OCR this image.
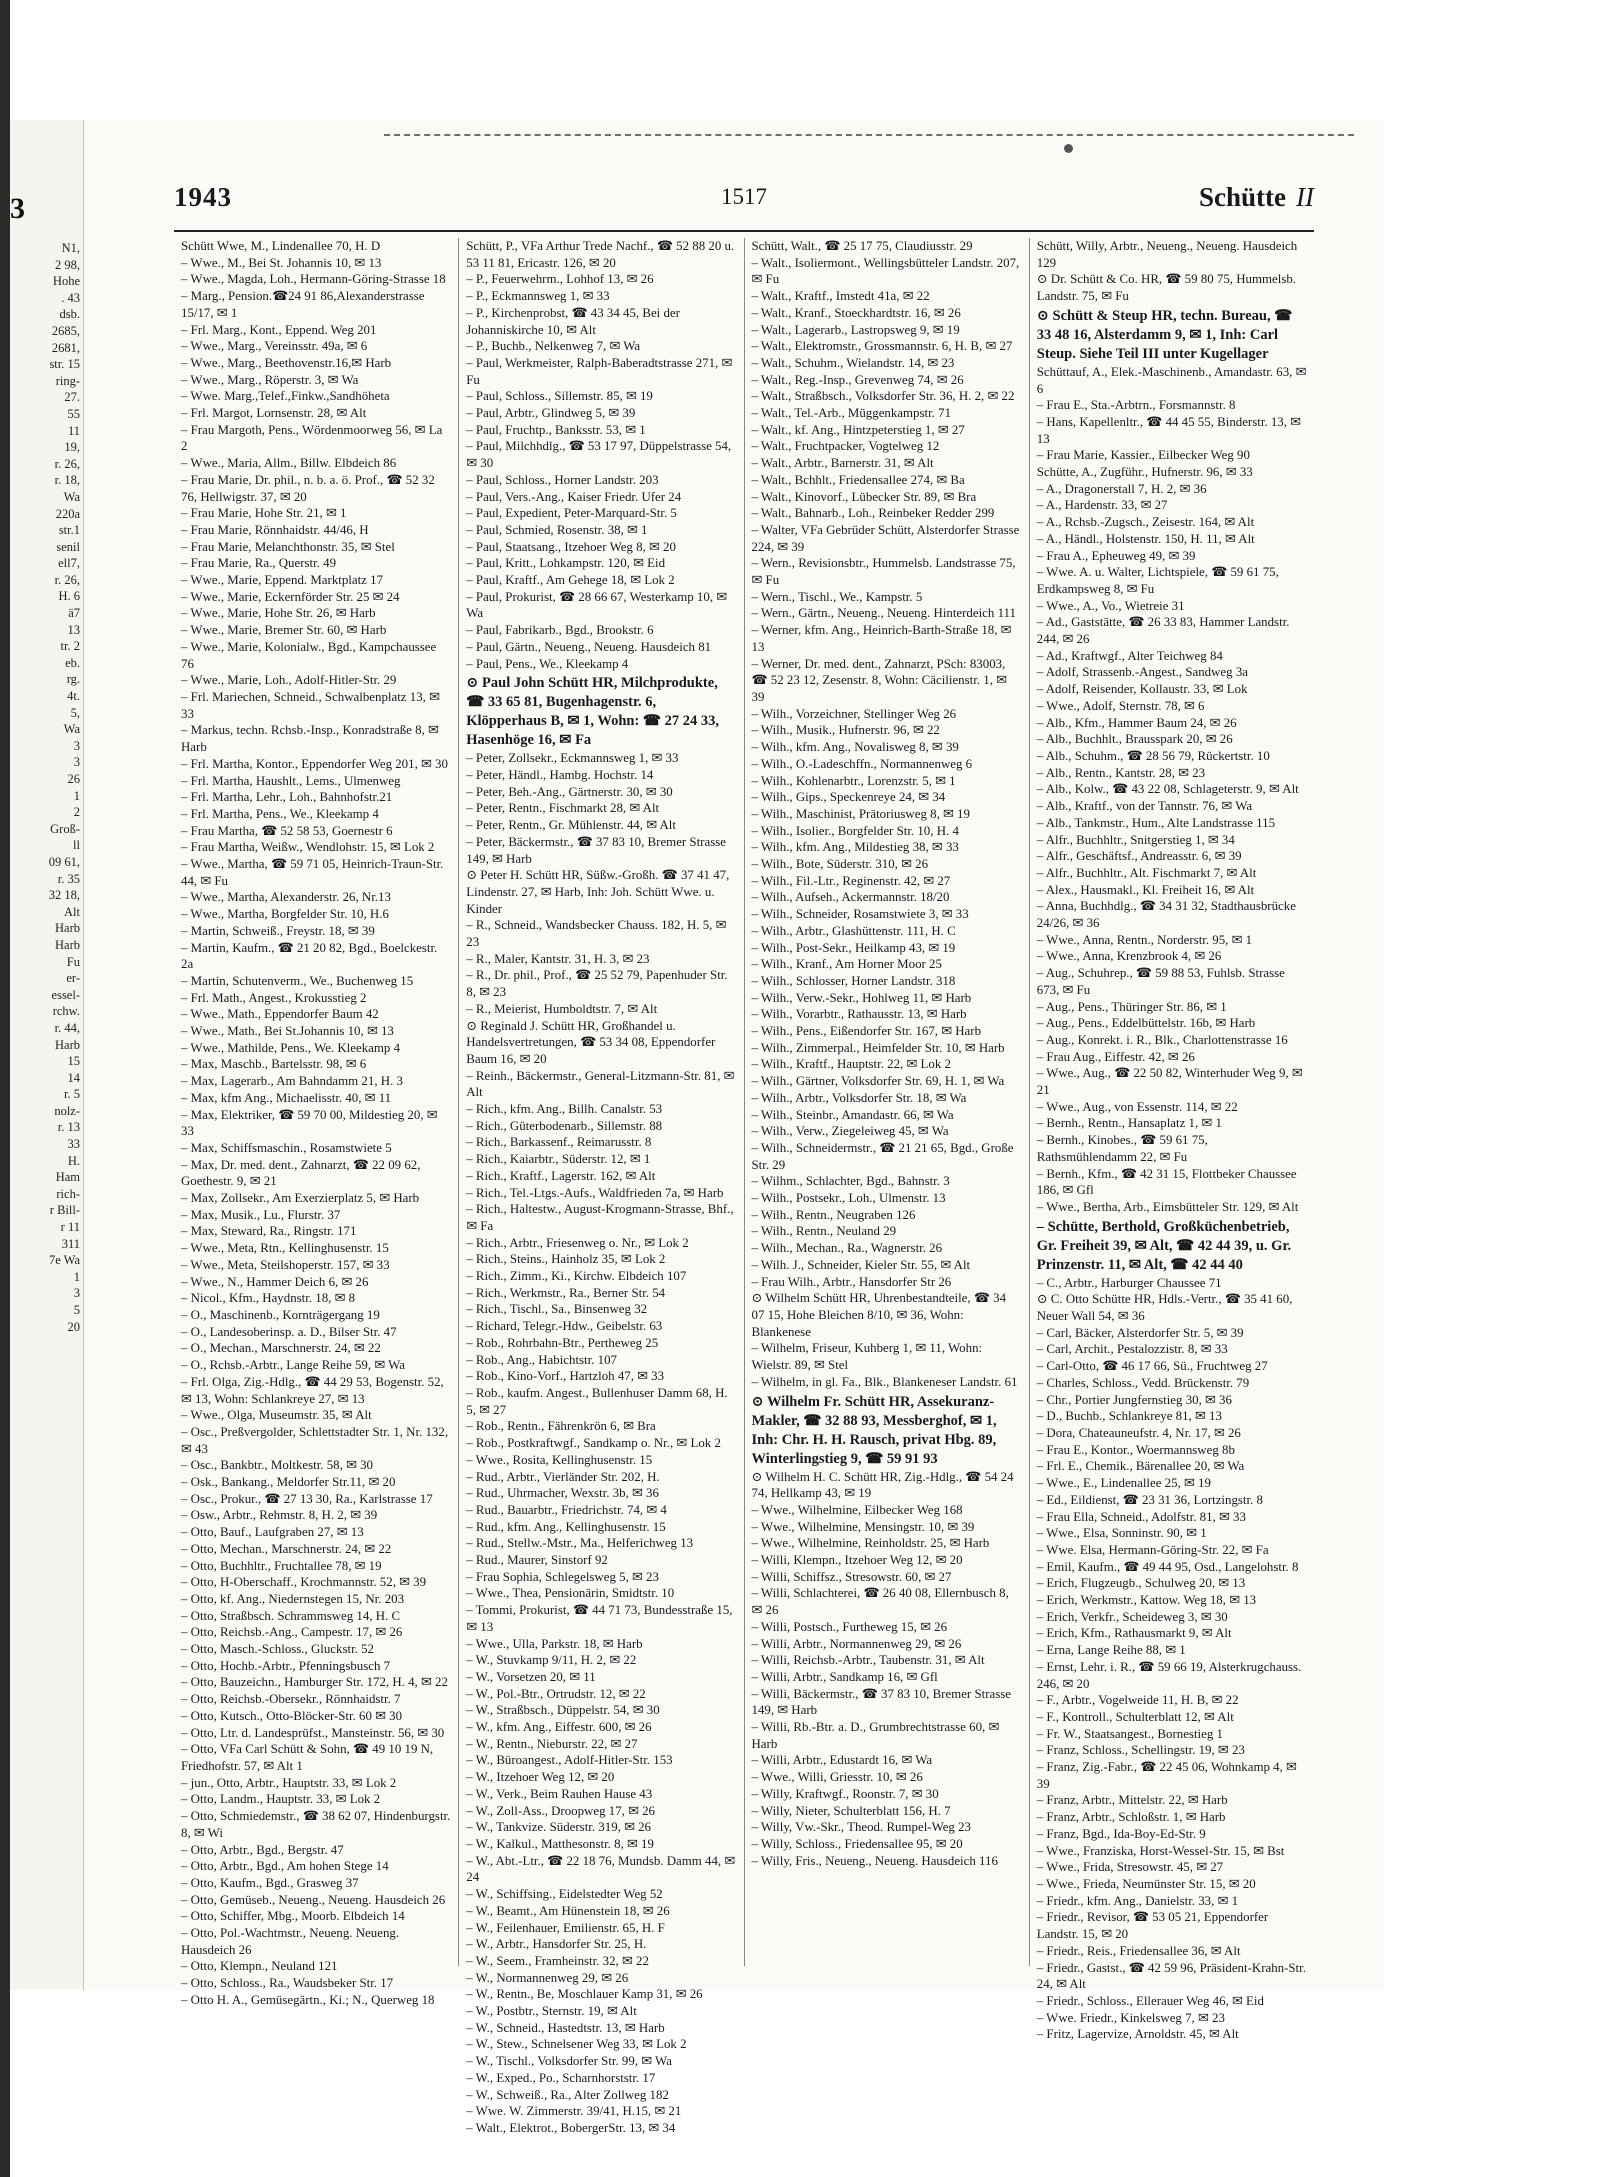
3
N1,
2 98,
Hohe
. 43
dsb.
2685,
2681,
str. 15
ring-
27.
55
11
19,
r. 26,
r. 18,
Wa
220a
str.1
senil
ell7,
r. 26,
H. 6
ä7
13
tr. 2
eb.
rg.
4t.
5,
Wa
3
3
26
1
2
Groß-
ll
09 61,
r. 35
32 18,
Alt
Harb
Harb
Fu
er-
essel-
rchw.
r. 44,
Harb
15
14
r. 5
nolz-
r. 13
33
H.
Ham
rich-
r Bill-
r 11
311
7e Wa
1
3
5
20
1943	1517	Schütte II

Schütt Wwe, M., Lindenallee 70, H. D

– Wwe., M., Bei St. Johannis 10, ✉ 13

– Wwe., Magda, Loh., Hermann-Göring-Strasse 18

– Marg., Pension.☎24 91 86,Alexanderstrasse 15/17, ✉ 1

– Frl. Marg., Kont., Eppend. Weg 201

– Wwe., Marg., Vereinsstr. 49a, ✉ 6

– Wwe., Marg., Beethovenstr.16,✉ Harb

– Wwe., Marg., Röperstr. 3, ✉ Wa

– Wwe. Marg.,Telef.,Finkw.,Sandhöheta

– Frl. Margot, Lornsenstr. 28, ✉ Alt

– Frau Margoth, Pens., Wördenmoorweg 56, ✉ La 2

– Wwe., Maria, Allm., Billw. Elbdeich 86

– Frau Marie, Dr. phil., n. b. a. ö. Prof., ☎ 52 32 76, Hellwigstr. 37, ✉ 20

– Frau Marie, Hohe Str. 21, ✉ 1

– Frau Marie, Rönnhaidstr. 44/46, H

– Frau Marie, Melanchthonstr. 35, ✉ Stel

– Frau Marie, Ra., Querstr. 49

– Wwe., Marie, Eppend. Marktplatz 17

– Wwe., Marie, Eckernförder Str. 25 ✉ 24

– Wwe., Marie, Hohe Str. 26, ✉ Harb

– Wwe., Marie, Bremer Str. 60, ✉ Harb

– Wwe., Marie, Kolonialw., Bgd., Kampchaussee 76

– Wwe., Marie, Loh., Adolf-Hitler-Str. 29

– Frl. Mariechen, Schneid., Schwalbenplatz 13, ✉ 33

– Markus, techn. Rchsb.-Insp., Konradstraße 8, ✉ Harb

– Frl. Martha, Kontor., Eppendorfer Weg 201, ✉ 30

– Frl. Martha, Haushlt., Lems., Ulmenweg

– Frl. Martha, Lehr., Loh., Bahnhofstr.21

– Frl. Martha, Pens., We., Kleekamp 4

– Frau Martha, ☎ 52 58 53, Goernestr 6

– Frau Martha, Weißw., Wendlohstr. 15, ✉ Lok 2

– Wwe., Martha, ☎ 59 71 05, Heinrich-Traun-Str. 44, ✉ Fu

– Wwe., Martha, Alexanderstr. 26, Nr.13

– Wwe., Martha, Borgfelder Str. 10, H.6

– Martin, Schweiß., Freystr. 18, ✉ 39

– Martin, Kaufm., ☎ 21 20 82, Bgd., Boelckestr. 2a

– Martin, Schutenverm., We., Buchenweg 15

– Frl. Math., Angest., Krokusstieg 2

– Wwe., Math., Eppendorfer Baum 42

– Wwe., Math., Bei St.Johannis 10, ✉ 13

– Wwe., Mathilde, Pens., We. Kleekamp 4

– Max, Maschb., Bartelsstr. 98, ✉ 6

– Max, Lagerarb., Am Bahndamm 21, H. 3

– Max, kfm Ang., Michaelisstr. 40, ✉ 11

– Max, Elektriker, ☎ 59 70 00, Mildestieg 20, ✉ 33

– Max, Schiffsmaschin., Rosamstwiete 5

– Max, Dr. med. dent., Zahnarzt, ☎ 22 09 62, Goethestr. 9, ✉ 21

– Max, Zollsekr., Am Exerzierplatz 5, ✉ Harb

– Max, Musik., Lu., Flurstr. 37

– Max, Steward, Ra., Ringstr. 171

– Wwe., Meta, Rtn., Kellinghusenstr. 15

– Wwe., Meta, Steilshoperstr. 157, ✉ 33

– Wwe., N., Hammer Deich 6, ✉ 26

– Nicol., Kfm., Haydnstr. 18, ✉ 8

– O., Maschinenb., Kornträgergang 19

– O., Landesoberinsp. a. D., Bilser Str. 47

– O., Mechan., Marschnerstr. 24, ✉ 22

– O., Rchsb.-Arbtr., Lange Reihe 59, ✉ Wa

– Frl. Olga, Zig.-Hdlg., ☎ 44 29 53, Bogenstr. 52, ✉ 13, Wohn: Schlankreye 27, ✉ 13

– Wwe., Olga, Museumstr. 35, ✉ Alt

– Osc., Preßvergolder, Schlettstadter Str. 1, Nr. 132, ✉ 43

– Osc., Bankbtr., Moltkestr. 58, ✉ 30

– Osk., Bankang., Meldorfer Str.11, ✉ 20

– Osc., Prokur., ☎ 27 13 30, Ra., Karlstrasse 17

– Osw., Arbtr., Rehmstr. 8, H. 2, ✉ 39

– Otto, Bauf., Laufgraben 27, ✉ 13

– Otto, Mechan., Marschnerstr. 24, ✉ 22

– Otto, Buchhltr., Fruchtallee 78, ✉ 19

– Otto, H-Oberschaff., Krochmannstr. 52, ✉ 39

– Otto, kf. Ang., Niedernstegen 15, Nr. 203

– Otto, Straßbsch. Schrammsweg 14, H. C

– Otto, Reichsb.-Ang., Campestr. 17, ✉ 26

– Otto, Masch.-Schloss., Gluckstr. 52

– Otto, Hochb.-Arbtr., Pfenningsbusch 7

– Otto, Bauzeichn., Hamburger Str. 172, H. 4, ✉ 22

– Otto, Reichsb.-Obersekr., Rönnhaidstr. 7

– Otto, Kutsch., Otto-Blöcker-Str. 60 ✉ 30

– Otto, Ltr. d. Landesprüfst., Mansteinstr. 56, ✉ 30

– Otto, VFa Carl Schütt & Sohn, ☎ 49 10 19 N, Friedhofstr. 57, ✉ Alt 1

– jun., Otto, Arbtr., Hauptstr. 33, ✉ Lok 2

– Otto, Landm., Hauptstr. 33, ✉ Lok 2

– Otto, Schmiedemstr., ☎ 38 62 07, Hindenburgstr. 8, ✉ Wi

– Otto, Arbtr., Bgd., Bergstr. 47

– Otto, Arbtr., Bgd., Am hohen Stege 14

– Otto, Kaufm., Bgd., Grasweg 37

– Otto, Gemüseb., Neueng., Neueng. Hausdeich 26

– Otto, Schiffer, Mbg., Moorb. Elbdeich 14

– Otto, Pol.-Wachtmstr., Neueng. Neueng. Hausdeich 26

– Otto, Klempn., Neuland 121

– Otto, Schloss., Ra., Waudsbeker Str. 17

– Otto H. A., Gemüsegärtn., Ki.; N., Querweg 18

Schütt, P., VFa Arthur Trede Nachf., ☎ 52 88 20 u. 53 11 81, Ericastr. 126, ✉ 20

– P., Feuerwehrm., Lohhof 13, ✉ 26

– P., Eckmannsweg 1, ✉ 33

– P., Kirchenprobst, ☎ 43 34 45, Bei der Johanniskirche 10, ✉ Alt

– P., Buchb., Nelkenweg 7, ✉ Wa

– Paul, Werkmeister, Ralph-Baberadtstrasse 271, ✉ Fu

– Paul, Schloss., Sillemstr. 85, ✉ 19

– Paul, Arbtr., Glindweg 5, ✉ 39

– Paul, Fruchtp., Banksstr. 53, ✉ 1

– Paul, Milchhdlg., ☎ 53 17 97, Düppelstrasse 54, ✉ 30

– Paul, Schloss., Horner Landstr. 203

– Paul, Vers.-Ang., Kaiser Friedr. Ufer 24

– Paul, Expedient, Peter-Marquard-Str. 5

– Paul, Schmied, Rosenstr. 38, ✉ 1

– Paul, Staatsang., Itzehoer Weg 8, ✉ 20

– Paul, Kritt., Lohkampstr. 120, ✉ Eid

– Paul, Kraftf., Am Gehege 18, ✉ Lok 2

– Paul, Prokurist, ☎ 28 66 67, Westerkamp 10, ✉ Wa

– Paul, Fabrikarb., Bgd., Brookstr. 6

– Paul, Gärtn., Neueng., Neueng. Hausdeich 81

– Paul, Pens., We., Kleekamp 4

⊙ Paul John Schütt HR, Milchprodukte, ☎ 33 65 81, Bugenhagenstr. 6, Klöpperhaus B, ✉ 1, Wohn: ☎ 27 24 33, Hasenhöge 16, ✉ Fa

– Peter, Zollsekr., Eckmannsweg 1, ✉ 33

– Peter, Händl., Hambg. Hochstr. 14

– Peter, Beh.-Ang., Gärtnerstr. 30, ✉ 30

– Peter, Rentn., Fischmarkt 28, ✉ Alt

– Peter, Rentn., Gr. Mühlenstr. 44, ✉ Alt

– Peter, Bäckermstr., ☎ 37 83 10, Bremer Strasse 149, ✉ Harb

⊙ Peter H. Schütt HR, Süßw.-Großh. ☎ 37 41 47, Lindenstr. 27, ✉ Harb, Inh: Joh. Schütt Wwe. u. Kinder

– R., Schneid., Wandsbecker Chauss. 182, H. 5, ✉ 23

– R., Maler, Kantstr. 31, H. 3, ✉ 23

– R., Dr. phil., Prof., ☎ 25 52 79, Papenhuder Str. 8, ✉ 23

– R., Meierist, Humboldtstr. 7, ✉ Alt

⊙ Reginald J. Schütt HR, Großhandel u. Handelsvertretungen, ☎ 53 34 08, Eppendorfer Baum 16, ✉ 20

– Reinh., Bäckermstr., General-Litzmann-Str. 81, ✉ Alt

– Rich., kfm. Ang., Billh. Canalstr. 53

– Rich., Güterbodenarb., Sillemstr. 88

– Rich., Barkassenf., Reimarusstr. 8

– Rich., Kaiarbtr., Süderstr. 12, ✉ 1

– Rich., Kraftf., Lagerstr. 162, ✉ Alt

– Rich., Tel.-Ltgs.-Aufs., Waldfrieden 7a, ✉ Harb

– Rich., Haltestw., August-Krogmann-Strasse, Bhf., ✉ Fa

– Rich., Arbtr., Friesenweg o. Nr., ✉ Lok 2

– Rich., Steins., Hainholz 35, ✉ Lok 2

– Rich., Zimm., Ki., Kirchw. Elbdeich 107

– Rich., Werkmstr., Ra., Berner Str. 54

– Rich., Tischl., Sa., Binsenweg 32

– Richard, Telegr.-Hdw., Geibelstr. 63

– Rob., Rohrbahn-Btr., Pertheweg 25

– Rob., Ang., Habichtstr. 107

– Rob., Kino-Vorf., Hartzloh 47, ✉ 33

– Rob., kaufm. Angest., Bullenhuser Damm 68, H. 5, ✉ 27

– Rob., Rentn., Fährenkrön 6, ✉ Bra

– Rob., Postkraftwgf., Sandkamp o. Nr., ✉ Lok 2

– Wwe., Rosita, Kellinghusenstr. 15

– Rud., Arbtr., Vierländer Str. 202, H.

– Rud., Uhrmacher, Wexstr. 3b, ✉ 36

– Rud., Bauarbtr., Friedrichstr. 74, ✉ 4

– Rud., kfm. Ang., Kellinghusenstr. 15

– Rud., Stellw.-Mstr., Ma., Helferichweg 13

– Rud., Maurer, Sinstorf 92

– Frau Sophia, Schlegelsweg 5, ✉ 23

– Wwe., Thea, Pensionärin, Smidtstr. 10

– Tommi, Prokurist, ☎ 44 71 73, Bundesstraße 15, ✉ 13

– Wwe., Ulla, Parkstr. 18, ✉ Harb

– W., Stuvkamp 9/11, H. 2, ✉ 22

– W., Vorsetzen 20, ✉ 11

– W., Pol.-Btr., Ortrudstr. 12, ✉ 22

– W., Straßbsch., Düppelstr. 54, ✉ 30

– W., kfm. Ang., Eiffestr. 600, ✉ 26

– W., Rentn., Nieburstr. 22, ✉ 27

– W., Büroangest., Adolf-Hitler-Str. 153

– W., Itzehoer Weg 12, ✉ 20

– W., Verk., Beim Rauhen Hause 43

– W., Zoll-Ass., Droopweg 17, ✉ 26

– W., Tankvize. Süderstr. 319, ✉ 26

– W., Kalkul., Matthesonstr. 8, ✉ 19

– W., Abt.-Ltr., ☎ 22 18 76, Mundsb. Damm 44, ✉ 24

– W., Schiffsing., Eidelstedter Weg 52

– W., Beamt., Am Hünenstein 18, ✉ 26

– W., Feilenhauer, Emilienstr. 65, H. F

– W., Arbtr., Hansdorfer Str. 25, H.

– W., Seem., Framheinstr. 32, ✉ 22

– W., Normannenweg 29, ✉ 26

– W., Rentn., Be, Moschlauer Kamp 31, ✉ 26

– W., Postbtr., Sternstr. 19, ✉ Alt

– W., Schneid., Hastedtstr. 13, ✉ Harb

– W., Stew., Schnelsener Weg 33, ✉ Lok 2

– W., Tischl., Volksdorfer Str. 99, ✉ Wa

– W., Exped., Po., Scharnhorststr. 17

– W., Schweiß., Ra., Alter Zollweg 182

– Wwe. W. Zimmerstr. 39/41, H.15, ✉ 21

– Walt., Elektrot., BobergerStr. 13, ✉ 34

Schütt, Walt., ☎ 25 17 75, Claudiusstr. 29

– Walt., Isoliermont., Wellingsbütteler Landstr. 207, ✉ Fu

– Walt., Kraftf., Imstedt 41a, ✉ 22

– Walt., Kranf., Stoeckhardtstr. 16, ✉ 26

– Walt., Lagerarb., Lastropsweg 9, ✉ 19

– Walt., Elektromstr., Grossmannstr. 6, H. B, ✉ 27

– Walt., Schuhm., Wielandstr. 14, ✉ 23

– Walt., Reg.-Insp., Grevenweg 74, ✉ 26

– Walt., Straßbsch., Volksdorfer Str. 36, H. 2, ✉ 22

– Walt., Tel.-Arb., Müggenkampstr. 71

– Walt., kf. Ang., Hintzpeterstieg 1, ✉ 27

– Walt., Fruchtpacker, Vogtelweg 12

– Walt., Arbtr., Barnerstr. 31, ✉ Alt

– Walt., Bchhlt., Friedensallee 274, ✉ Ba

– Walt., Kinovorf., Lübecker Str. 89, ✉ Bra

– Walt., Bahnarb., Loh., Reinbeker Redder 299

– Walter, VFa Gebrüder Schütt, Alsterdorfer Strasse 224, ✉ 39

– Wern., Revisionsbtr., Hummelsb. Landstrasse 75, ✉ Fu

– Wern., Tischl., We., Kampstr. 5

– Wern., Gärtn., Neueng., Neueng. Hinterdeich 111

– Werner, kfm. Ang., Heinrich-Barth-Straße 18, ✉ 13

– Werner, Dr. med. dent., Zahnarzt, PSch: 83003, ☎ 52 23 12, Zesenstr. 8, Wohn: Cäcilienstr. 1, ✉ 39

– Wilh., Vorzeichner, Stellinger Weg 26

– Wilh., Musik., Hufnerstr. 96, ✉ 22

– Wilh., kfm. Ang., Novalisweg 8, ✉ 39

– Wilh., O.-Ladeschffn., Normannenweg 6

– Wilh., Kohlenarbtr., Lorenzstr. 5, ✉ 1

– Wilh., Gips., Speckenreye 24, ✉ 34

– Wilh., Maschinist, Prätoriusweg 8, ✉ 19

– Wilh., Isolier., Borgfelder Str. 10, H. 4

– Wilh., kfm. Ang., Mildestieg 38, ✉ 33

– Wilh., Bote, Süderstr. 310, ✉ 26

– Wilh., Fil.-Ltr., Reginenstr. 42, ✉ 27

– Wilh., Aufseh., Ackermannstr. 18/20

– Wilh., Schneider, Rosamstwiete 3, ✉ 33

– Wilh., Arbtr., Glashüttenstr. 111, H. C

– Wilh., Post-Sekr., Heilkamp 43, ✉ 19

– Wilh., Kranf., Am Horner Moor 25

– Wilh., Schlosser, Horner Landstr. 318

– Wilh., Verw.-Sekr., Hohlweg 11, ✉ Harb

– Wilh., Vorarbtr., Rathausstr. 13, ✉ Harb

– Wilh., Pens., Eißendorfer Str. 167, ✉ Harb

– Wilh., Zimmerpal., Heimfelder Str. 10, ✉ Harb

– Wilh., Kraftf., Hauptstr. 22, ✉ Lok 2

– Wilh., Gärtner, Volksdorfer Str. 69, H. 1, ✉ Wa

– Wilh., Arbtr., Volksdorfer Str. 18, ✉ Wa

– Wilh., Steinbr., Amandastr. 66, ✉ Wa

– Wilh., Verw., Ziegeleiweg 45, ✉ Wa

– Wilh., Schneidermstr., ☎ 21 21 65, Bgd., Große Str. 29

– Wilhm., Schlachter, Bgd., Bahnstr. 3

– Wilh., Postsekr., Loh., Ulmenstr. 13

– Wilh., Rentn., Neugraben 126

– Wilh., Rentn., Neuland 29

– Wilh., Mechan., Ra., Wagnerstr. 26

– Wilh. J., Schneider, Kieler Str. 55, ✉ Alt

– Frau Wilh., Arbtr., Hansdorfer Str 26

⊙ Wilhelm Schütt HR, Uhrenbestandteile, ☎ 34 07 15, Hohe Bleichen 8/10, ✉ 36, Wohn: Blankenese

– Wilhelm, Friseur, Kuhberg 1, ✉ 11, Wohn: Wielstr. 89, ✉ Stel

– Wilhelm, in gl. Fa., Blk., Blankeneser Landstr. 61

⊙ Wilhelm Fr. Schütt HR, Assekuranz-Makler, ☎ 32 88 93, Messberghof, ✉ 1, Inh: Chr. H. H. Rausch, privat Hbg. 89, Winterlingstieg 9, ☎ 59 91 93

⊙ Wilhelm H. C. Schütt HR, Zig.-Hdlg., ☎ 54 24 74, Hellkamp 43, ✉ 19

– Wwe., Wilhelmine, Eilbecker Weg 168

– Wwe., Wilhelmine, Mensingstr. 10, ✉ 39

– Wwe., Wilhelmine, Reinholdstr. 25, ✉ Harb

– Willi, Klempn., Itzehoer Weg 12, ✉ 20

– Willi, Schiffsz., Stresowstr. 60, ✉ 27

– Willi, Schlachterei, ☎ 26 40 08, Ellernbusch 8, ✉ 26

– Willi, Postsch., Furtheweg 15, ✉ 26

– Willi, Arbtr., Normannenweg 29, ✉ 26

– Willi, Reichsb.-Arbtr., Taubenstr. 31, ✉ Alt

– Willi, Arbtr., Sandkamp 16, ✉ Gfl

– Willi, Bäckermstr., ☎ 37 83 10, Bremer Strasse 149, ✉ Harb

– Willi, Rb.-Btr. a. D., Grumbrechtstrasse 60, ✉ Harb

– Willi, Arbtr., Edustardt 16, ✉ Wa

– Wwe., Willi, Griesstr. 10, ✉ 26

– Willy, Kraftwgf., Roonstr. 7, ✉ 30

– Willy, Nieter, Schulterblatt 156, H. 7

– Willy, Vw.-Skr., Theod. Rumpel-Weg 23

– Willy, Schloss., Friedensallee 95, ✉ 20

– Willy, Fris., Neueng., Neueng. Hausdeich 116

Schütt, Willy, Arbtr., Neueng., Neueng. Hausdeich 129

⊙ Dr. Schütt & Co. HR, ☎ 59 80 75, Hummelsb. Landstr. 75, ✉ Fu

⊙ Schütt & Steup HR, techn. Bureau, ☎ 33 48 16, Alsterdamm 9, ✉ 1, Inh: Carl Steup. Siehe Teil III unter Kugellager

Schüttauf, A., Elek.-Maschinenb., Amandastr. 63, ✉ 6

– Frau E., Sta.-Arbtrn., Forsmannstr. 8

– Hans, Kapellenltr., ☎ 44 45 55, Binderstr. 13, ✉ 13

– Frau Marie, Kassier., Eilbecker Weg 90

Schütte, A., Zugführ., Hufnerstr. 96, ✉ 33

– A., Dragonerstall 7, H. 2, ✉ 36

– A., Hardenstr. 33, ✉ 27

– A., Rchsb.-Zugsch., Zeisestr. 164, ✉ Alt

– A., Händl., Holstenstr. 150, H. 11, ✉ Alt

– Frau A., Epheuweg 49, ✉ 39

– Wwe. A. u. Walter, Lichtspiele, ☎ 59 61 75, Erdkampsweg 8, ✉ Fu

– Wwe., A., Vo., Wietreie 31

– Ad., Gaststätte, ☎ 26 33 83, Hammer Landstr. 244, ✉ 26

– Ad., Kraftwgf., Alter Teichweg 84

– Adolf, Strassenb.-Angest., Sandweg 3a

– Adolf, Reisender, Kollaustr. 33, ✉ Lok

– Wwe., Adolf, Sternstr. 78, ✉ 6

– Alb., Kfm., Hammer Baum 24, ✉ 26

– Alb., Buchhlt., Brausspark 20, ✉ 26

– Alb., Schuhm., ☎ 28 56 79, Rückertstr. 10

– Alb., Rentn., Kantstr. 28, ✉ 23

– Alb., Kolw., ☎ 43 22 08, Schlageterstr. 9, ✉ Alt

– Alb., Kraftf., von der Tannstr. 76, ✉ Wa

– Alb., Tankmstr., Hum., Alte Landstrasse 115

– Alfr., Buchhltr., Snitgerstieg 1, ✉ 34

– Alfr., Geschäftsf., Andreasstr. 6, ✉ 39

– Alfr., Buchhltr., Alt. Fischmarkt 7, ✉ Alt

– Alex., Hausmakl., Kl. Freiheit 16, ✉ Alt

– Anna, Buchhdlg., ☎ 34 31 32, Stadthausbrücke 24/26, ✉ 36

– Wwe., Anna, Rentn., Norderstr. 95, ✉ 1

– Wwe., Anna, Krenzbrook 4, ✉ 26

– Aug., Schuhrep., ☎ 59 88 53, Fuhlsb. Strasse 673, ✉ Fu

– Aug., Pens., Thüringer Str. 86, ✉ 1

– Aug., Pens., Eddelbüttelstr. 16b, ✉ Harb

– Aug., Konrekt. i. R., Blk., Charlottenstrasse 16

– Frau Aug., Eiffestr. 42, ✉ 26

– Wwe., Aug., ☎ 22 50 82, Winterhuder Weg 9, ✉ 21

– Wwe., Aug., von Essenstr. 114, ✉ 22

– Bernh., Rentn., Hansaplatz 1, ✉ 1

– Bernh., Kinobes., ☎ 59 61 75, Rathsmühlendamm 22, ✉ Fu

– Bernh., Kfm., ☎ 42 31 15, Flottbeker Chaussee 186, ✉ Gfl

– Wwe., Bertha, Arb., Eimsbütteler Str. 129, ✉ Alt

– Schütte, Berthold, Großküchenbetrieb, Gr. Freiheit 39, ✉ Alt, ☎ 42 44 39, u. Gr. Prinzenstr. 11, ✉ Alt, ☎ 42 44 40

– C., Arbtr., Harburger Chaussee 71

⊙ C. Otto Schütte HR, Hdls.-Vertr., ☎ 35 41 60, Neuer Wall 54, ✉ 36

– Carl, Bäcker, Alsterdorfer Str. 5, ✉ 39

– Carl, Archit., Pestalozzistr. 8, ✉ 33

– Carl-Otto, ☎ 46 17 66, Sü., Fruchtweg 27

– Charles, Schloss., Vedd. Brückenstr. 79

– Chr., Portier Jungfernstieg 30, ✉ 36

– D., Buchb., Schlankreye 81, ✉ 13

– Dora, Chateauneufstr. 4, Nr. 17, ✉ 26

– Frau E., Kontor., Woermannsweg 8b

– Frl. E., Chemik., Bärenallee 20, ✉ Wa

– Wwe., E., Lindenallee 25, ✉ 19

– Ed., Eildienst, ☎ 23 31 36, Lortzingstr. 8

– Frau Ella, Schneid., Adolfstr. 81, ✉ 33

– Wwe., Elsa, Sonninstr. 90, ✉ 1

– Wwe. Elsa, Hermann-Göring-Str. 22, ✉ Fa

– Emil, Kaufm., ☎ 49 44 95, Osd., Langelohstr. 8

– Erich, Flugzeugb., Schulweg 20, ✉ 13

– Erich, Werkmstr., Kattow. Weg 18, ✉ 13

– Erich, Verkfr., Scheideweg 3, ✉ 30

– Erich, Kfm., Rathausmarkt 9, ✉ Alt

– Erna, Lange Reihe 88, ✉ 1

– Ernst, Lehr. i. R., ☎ 59 66 19, Alsterkrugchauss. 246, ✉ 20

– F., Arbtr., Vogelweide 11, H. B, ✉ 22

– F., Kontroll., Schulterblatt 12, ✉ Alt

– Fr. W., Staatsangest., Bornestieg 1

– Franz, Schloss., Schellingstr. 19, ✉ 23

– Franz, Zig.-Fabr., ☎ 22 45 06, Wohnkamp 4, ✉ 39

– Franz, Arbtr., Mittelstr. 22, ✉ Harb

– Franz, Arbtr., Schloßstr. 1, ✉ Harb

– Franz, Bgd., Ida-Boy-Ed-Str. 9

– Wwe., Franziska, Horst-Wessel-Str. 15, ✉ Bst

– Wwe., Frida, Stresowstr. 45, ✉ 27

– Wwe., Frieda, Neumünster Str. 15, ✉ 20

– Friedr., kfm. Ang., Danielstr. 33, ✉ 1

– Friedr., Revisor, ☎ 53 05 21, Eppendorfer Landstr. 15, ✉ 20

– Friedr., Reis., Friedensallee 36, ✉ Alt

– Friedr., Gastst., ☎ 42 59 96, Präsident-Krahn-Str. 24, ✉ Alt

– Friedr., Schloss., Ellerauer Weg 46, ✉ Eid

– Wwe. Friedr., Kinkelsweg 7, ✉ 23

– Fritz, Lagervize, Arnoldstr. 45, ✉ Alt
